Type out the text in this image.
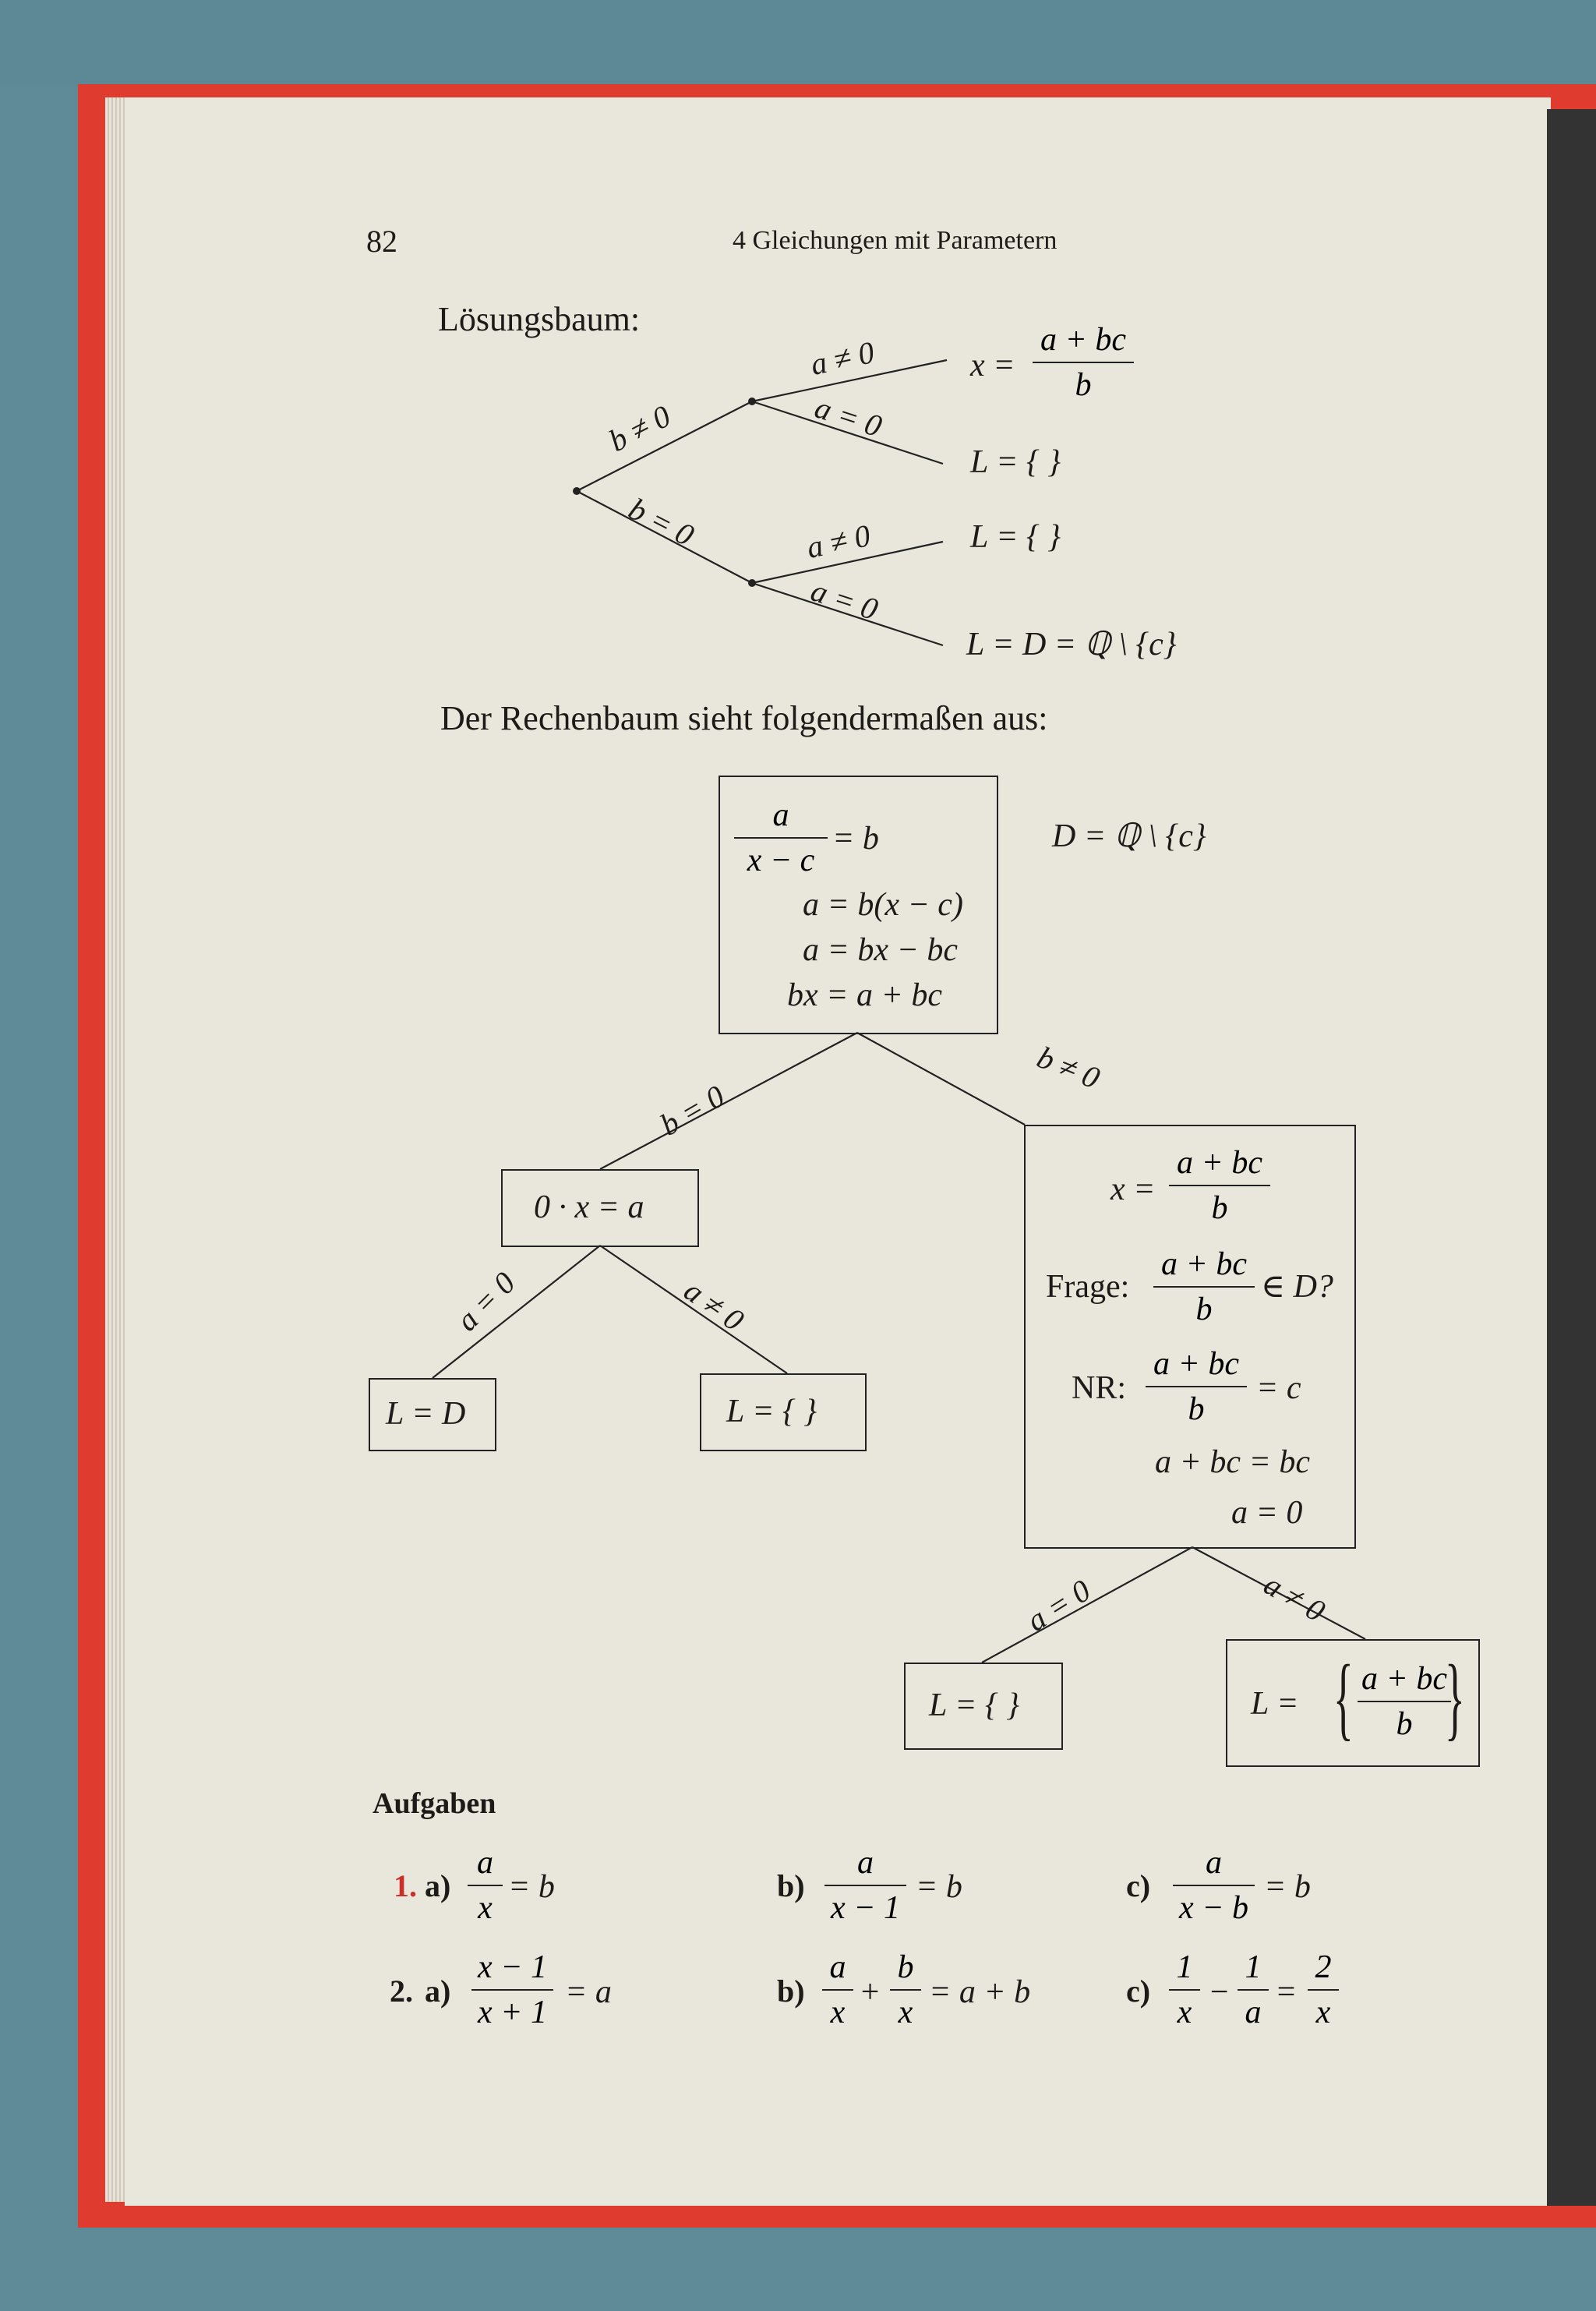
82	4 Gleichungen mit Parametern
Lösungsbaum:
b ≠ 0
b = 0
a ≠ 0
a = 0
a ≠ 0
a = 0
x =
a + bc
b
L = { }
L = { }
L = D = ℚ \ {c}
Der Rechenbaum sieht folgendermaßen aus:
a
x − c
= b
a = b(x − c)
a = bx − bc
bx = a + bc
D = ℚ \ {c}
b = 0
b ≠ 0
0 · x = a
a = 0	a ≠ 0
L = D	L = { }
x =
a + bc
b
Frage:
a + bc
b
∈ D?
NR:
a + bc
b
= c
a + bc = bc
a = 0
a = 0	a ≠ 0
L = { }	L = { a + bc
b }
Aufgaben
1. a)
a
x
= b	b)
a
x − 1
= b	c)
a
x − b
= b
2. a)
x − 1
x + 1
= a	b)
a
x
+
b
x
= a + b	c)
1
x
−
1
a
=
2
x
